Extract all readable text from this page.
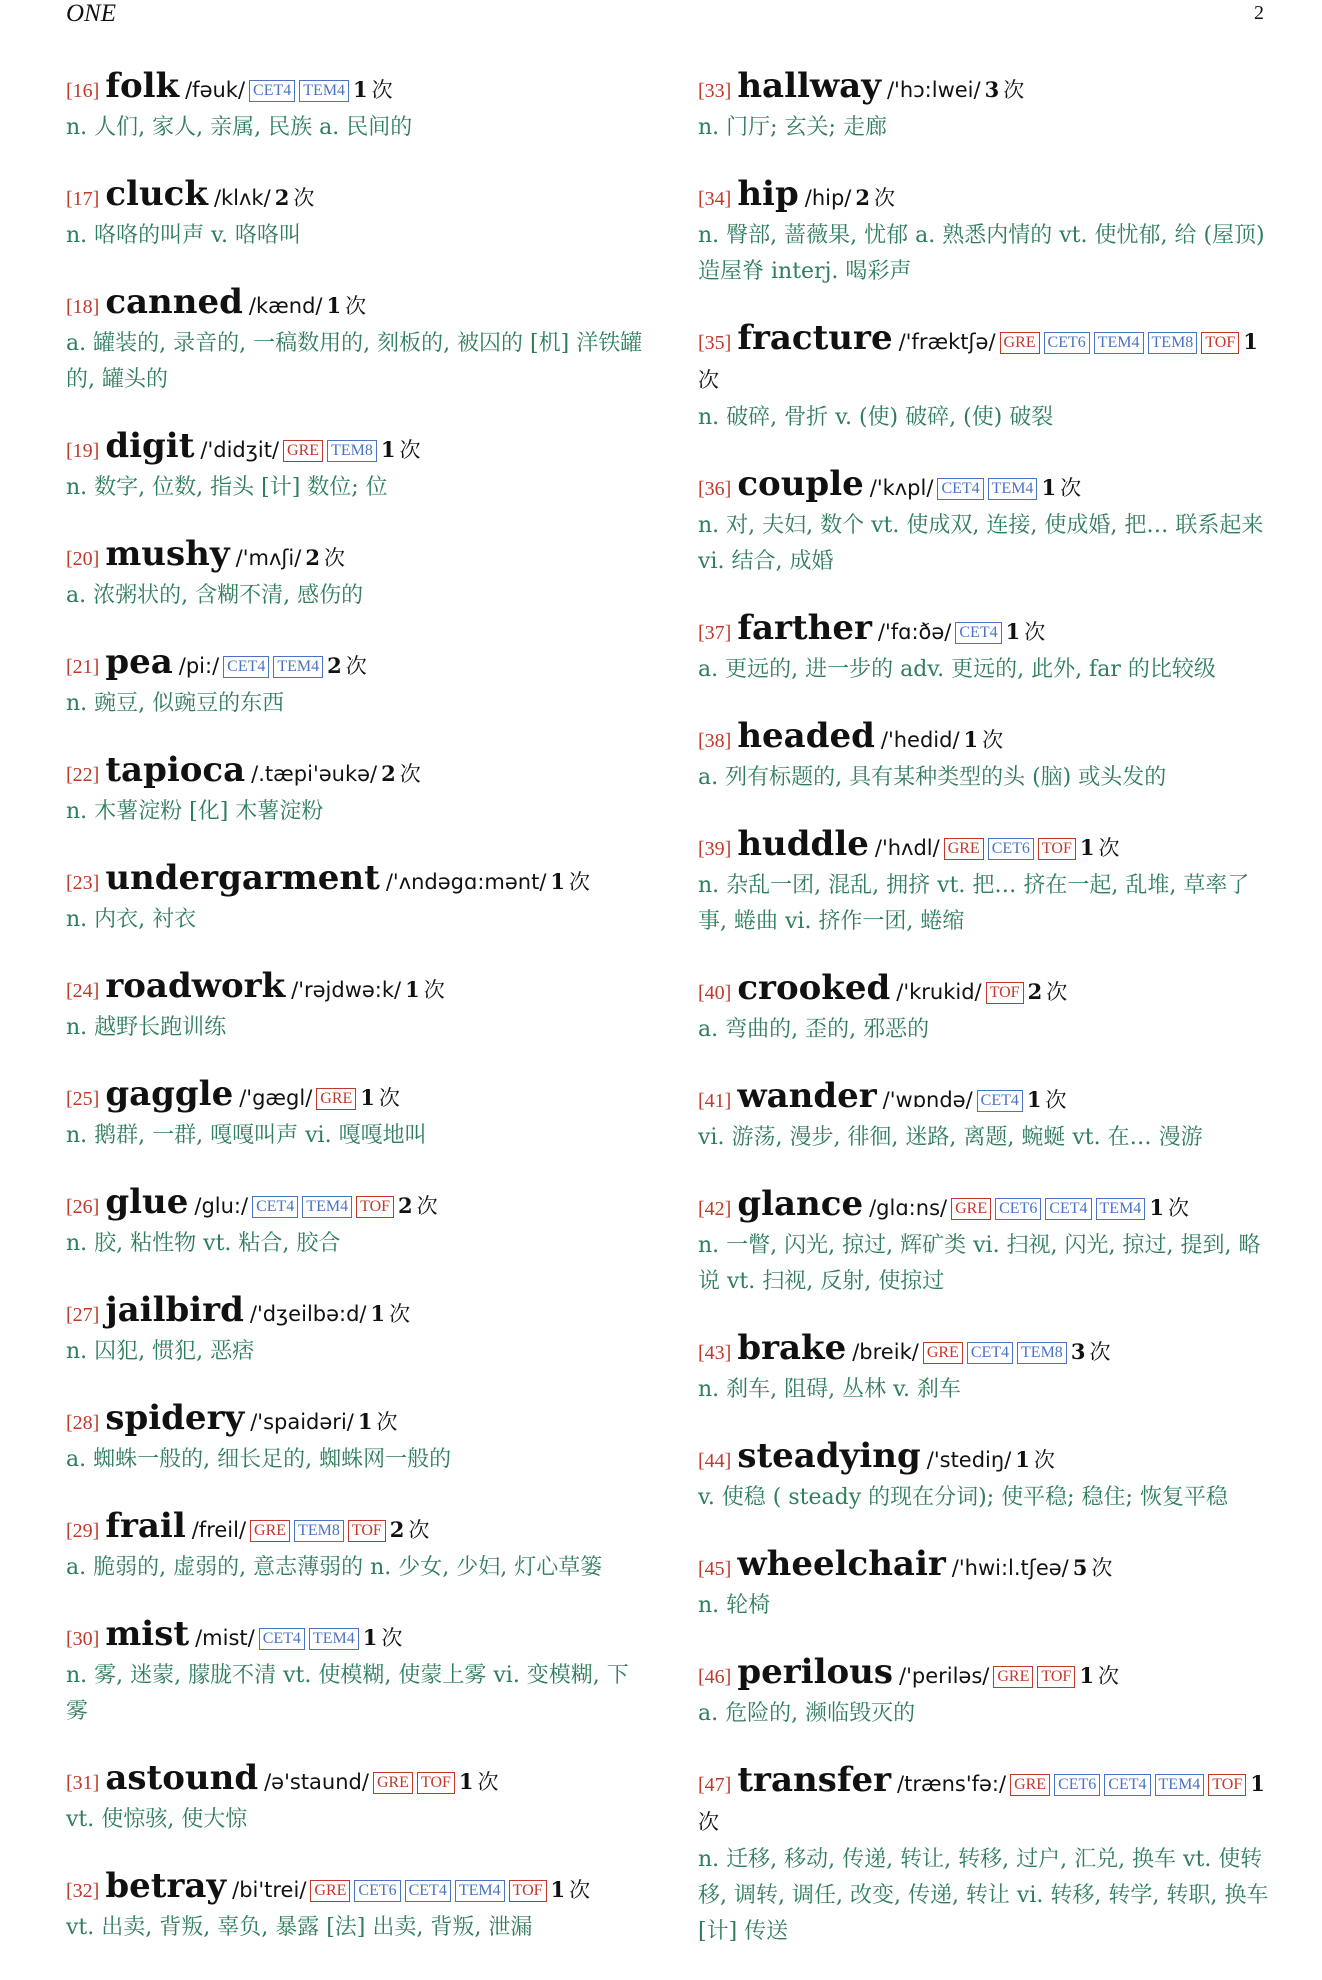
ONE	2
[16] folk /fəuk/ CET4 TEM4 1 次
n. 人们, 家人, 亲属, 民族 a. 民间的
[17] cluck /klʌk/ 2 次
n. 咯咯的叫声 v. 咯咯叫
[18] canned /kænd/ 1 次
a. 罐装的, 录音的, 一稿数用的, 刻板的, 被囚的 [机] 洋铁罐的, 罐头的
[19] digit /'didʒit/ GRE TEM8 1 次
n. 数字, 位数, 指头 [计] 数位; 位
[20] mushy /'mʌʃi/ 2 次
a. 浓粥状的, 含糊不清, 感伤的
[21] pea /pi:/ CET4 TEM4 2 次
n. 豌豆, 似豌豆的东西
[22] tapioca /.tæpi'əukə/ 2 次
n. 木薯淀粉 [化] 木薯淀粉
[23] undergarment /'ʌndəgɑ:mənt/ 1 次
n. 内衣, 衬衣
[24] roadwork /'rəjdwə:k/ 1 次
n. 越野长跑训练
[25] gaggle /'gægl/ GRE 1 次
n. 鹅群, 一群, 嘎嘎叫声 vi. 嘎嘎地叫
[26] glue /glu:/ CET4 TEM4 TOF 2 次
n. 胶, 粘性物 vt. 粘合, 胶合
[27] jailbird /'dʒeilbə:d/ 1 次
n. 囚犯, 惯犯, 恶痞
[28] spidery /'spaidəri/ 1 次
a. 蜘蛛一般的, 细长足的, 蜘蛛网一般的
[29] frail /freil/ GRE TEM8 TOF 2 次
a. 脆弱的, 虚弱的, 意志薄弱的 n. 少女, 少妇, 灯心草篓
[30] mist /mist/ CET4 TEM4 1 次
n. 雾, 迷蒙, 朦胧不清 vt. 使模糊, 使蒙上雾 vi. 变模糊, 下雾
[31] astound /ə'staund/ GRE TOF 1 次
vt. 使惊骇, 使大惊
[32] betray /bi'trei/ GRE CET6 CET4 TEM4 TOF 1 次
vt. 出卖, 背叛, 辜负, 暴露 [法] 出卖, 背叛, 泄漏
[33] hallway /'hɔ:lwei/ 3 次
n. 门厅; 玄关; 走廊
[34] hip /hip/ 2 次
n. 臀部, 蔷薇果, 忧郁 a. 熟悉内情的 vt. 使忧郁, 给 (屋顶) 造屋脊 interj. 喝彩声
[35] fracture /'fræktʃə/ GRE CET6 TEM4 TEM8 TOF 1次
n. 破碎, 骨折 v. (使) 破碎, (使) 破裂
[36] couple /'kʌpl/ CET4 TEM4 1 次
n. 对, 夫妇, 数个 vt. 使成双, 连接, 使成婚, 把… 联系起来 vi. 结合, 成婚
[37] farther /'fɑ:ðə/ CET4 1 次
a. 更远的, 进一步的 adv. 更远的, 此外, far 的比较级
[38] headed /'hedid/ 1 次
a. 列有标题的, 具有某种类型的头 (脑) 或头发的
[39] huddle /'hʌdl/ GRE CET6 TOF 1 次
n. 杂乱一团, 混乱, 拥挤 vt. 把… 挤在一起, 乱堆, 草率了事, 蜷曲 vi. 挤作一团, 蜷缩
[40] crooked /'krukid/ TOF 2 次
a. 弯曲的, 歪的, 邪恶的
[41] wander /'wɒndə/ CET4 1 次
vi. 游荡, 漫步, 徘徊, 迷路, 离题, 蜿蜒 vt. 在… 漫游
[42] glance /glɑ:ns/ GRE CET6 CET4 TEM4 1 次
n. 一瞥, 闪光, 掠过, 辉矿类 vi. 扫视, 闪光, 掠过, 提到, 略说 vt. 扫视, 反射, 使掠过
[43] brake /breik/ GRE CET4 TEM8 3 次
n. 刹车, 阻碍, 丛林 v. 刹车
[44] steadying /'stediŋ/ 1 次
v. 使稳 ( steady 的现在分词); 使平稳; 稳住; 恢复平稳
[45] wheelchair /'hwi:l.tʃeə/ 5 次
n. 轮椅
[46] perilous /'periləs/ GRE TOF 1 次
a. 危险的, 濒临毁灭的
[47] transfer /træns'fə:/ GRE CET6 CET4 TEM4 TOF 1次
n. 迁移, 移动, 传递, 转让, 转移, 过户, 汇兑, 换车 vt. 使转移, 调转, 调任, 改变, 传递, 转让 vi. 转移, 转学, 转职, 换车 [计] 传送
